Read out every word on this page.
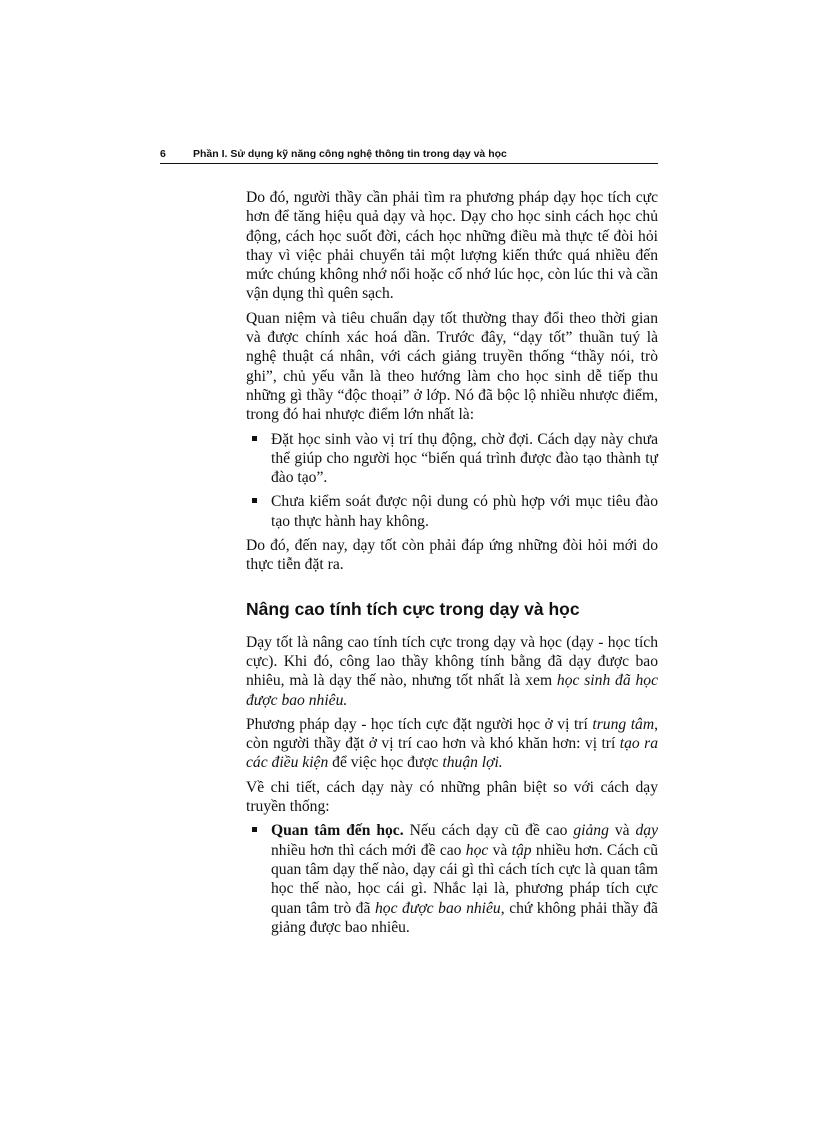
6	Phần I. Sử dụng kỹ năng công nghệ thông tin trong dạy và học

Do đó, người thầy cần phải tìm ra phương pháp dạy học tích cực hơn để tăng hiệu quả dạy và học. Dạy cho học sinh cách học chủ động, cách học suốt đời, cách học những điều mà thực tế đòi hỏi thay vì việc phải chuyển tải một lượng kiến thức quá nhiều đến mức chúng không nhớ nổi hoặc cố nhớ lúc học, còn lúc thi và cần vận dụng thì quên sạch.

Quan niệm và tiêu chuẩn dạy tốt thường thay đổi theo thời gian và được chính xác hoá dần. Trước đây, “dạy tốt” thuần tuý là nghệ thuật cá nhân, với cách giảng truyền thống “thầy nói, trò ghi”, chủ yếu vẫn là theo hướng làm cho học sinh dễ tiếp thu những gì thầy “độc thoại” ở lớp. Nó đã bộc lộ nhiều nhược điểm, trong đó hai nhược điểm lớn nhất là:

Đặt học sinh vào vị trí thụ động, chờ đợi. Cách dạy này chưa thể giúp cho người học “biến quá trình được đào tạo thành tự đào tạo”.
Chưa kiểm soát được nội dung có phù hợp với mục tiêu đào tạo thực hành hay không.

Do đó, đến nay, dạy tốt còn phải đáp ứng những đòi hỏi mới do thực tiễn đặt ra.

Nâng cao tính tích cực trong dạy và học

Dạy tốt là nâng cao tính tích cực trong dạy và học (dạy - học tích cực). Khi đó, công lao thầy không tính bằng đã dạy được bao nhiêu, mà là dạy thế nào, nhưng tốt nhất là xem học sinh đã học được bao nhiêu.

Phương pháp dạy - học tích cực đặt người học ở vị trí trung tâm, còn người thầy đặt ở vị trí cao hơn và khó khăn hơn: vị trí tạo ra các điều kiện để việc học được thuận lợi.

Về chi tiết, cách dạy này có những phân biệt so với cách dạy truyền thống:

Quan tâm đến học. Nếu cách dạy cũ đề cao giảng và dạy nhiều hơn thì cách mới đề cao học và tập nhiều hơn. Cách cũ quan tâm dạy thế nào, dạy cái gì thì cách tích cực là quan tâm học thế nào, học cái gì. Nhắc lại là, phương pháp tích cực quan tâm trò đã học được bao nhiêu, chứ không phải thầy đã giảng được bao nhiêu.
